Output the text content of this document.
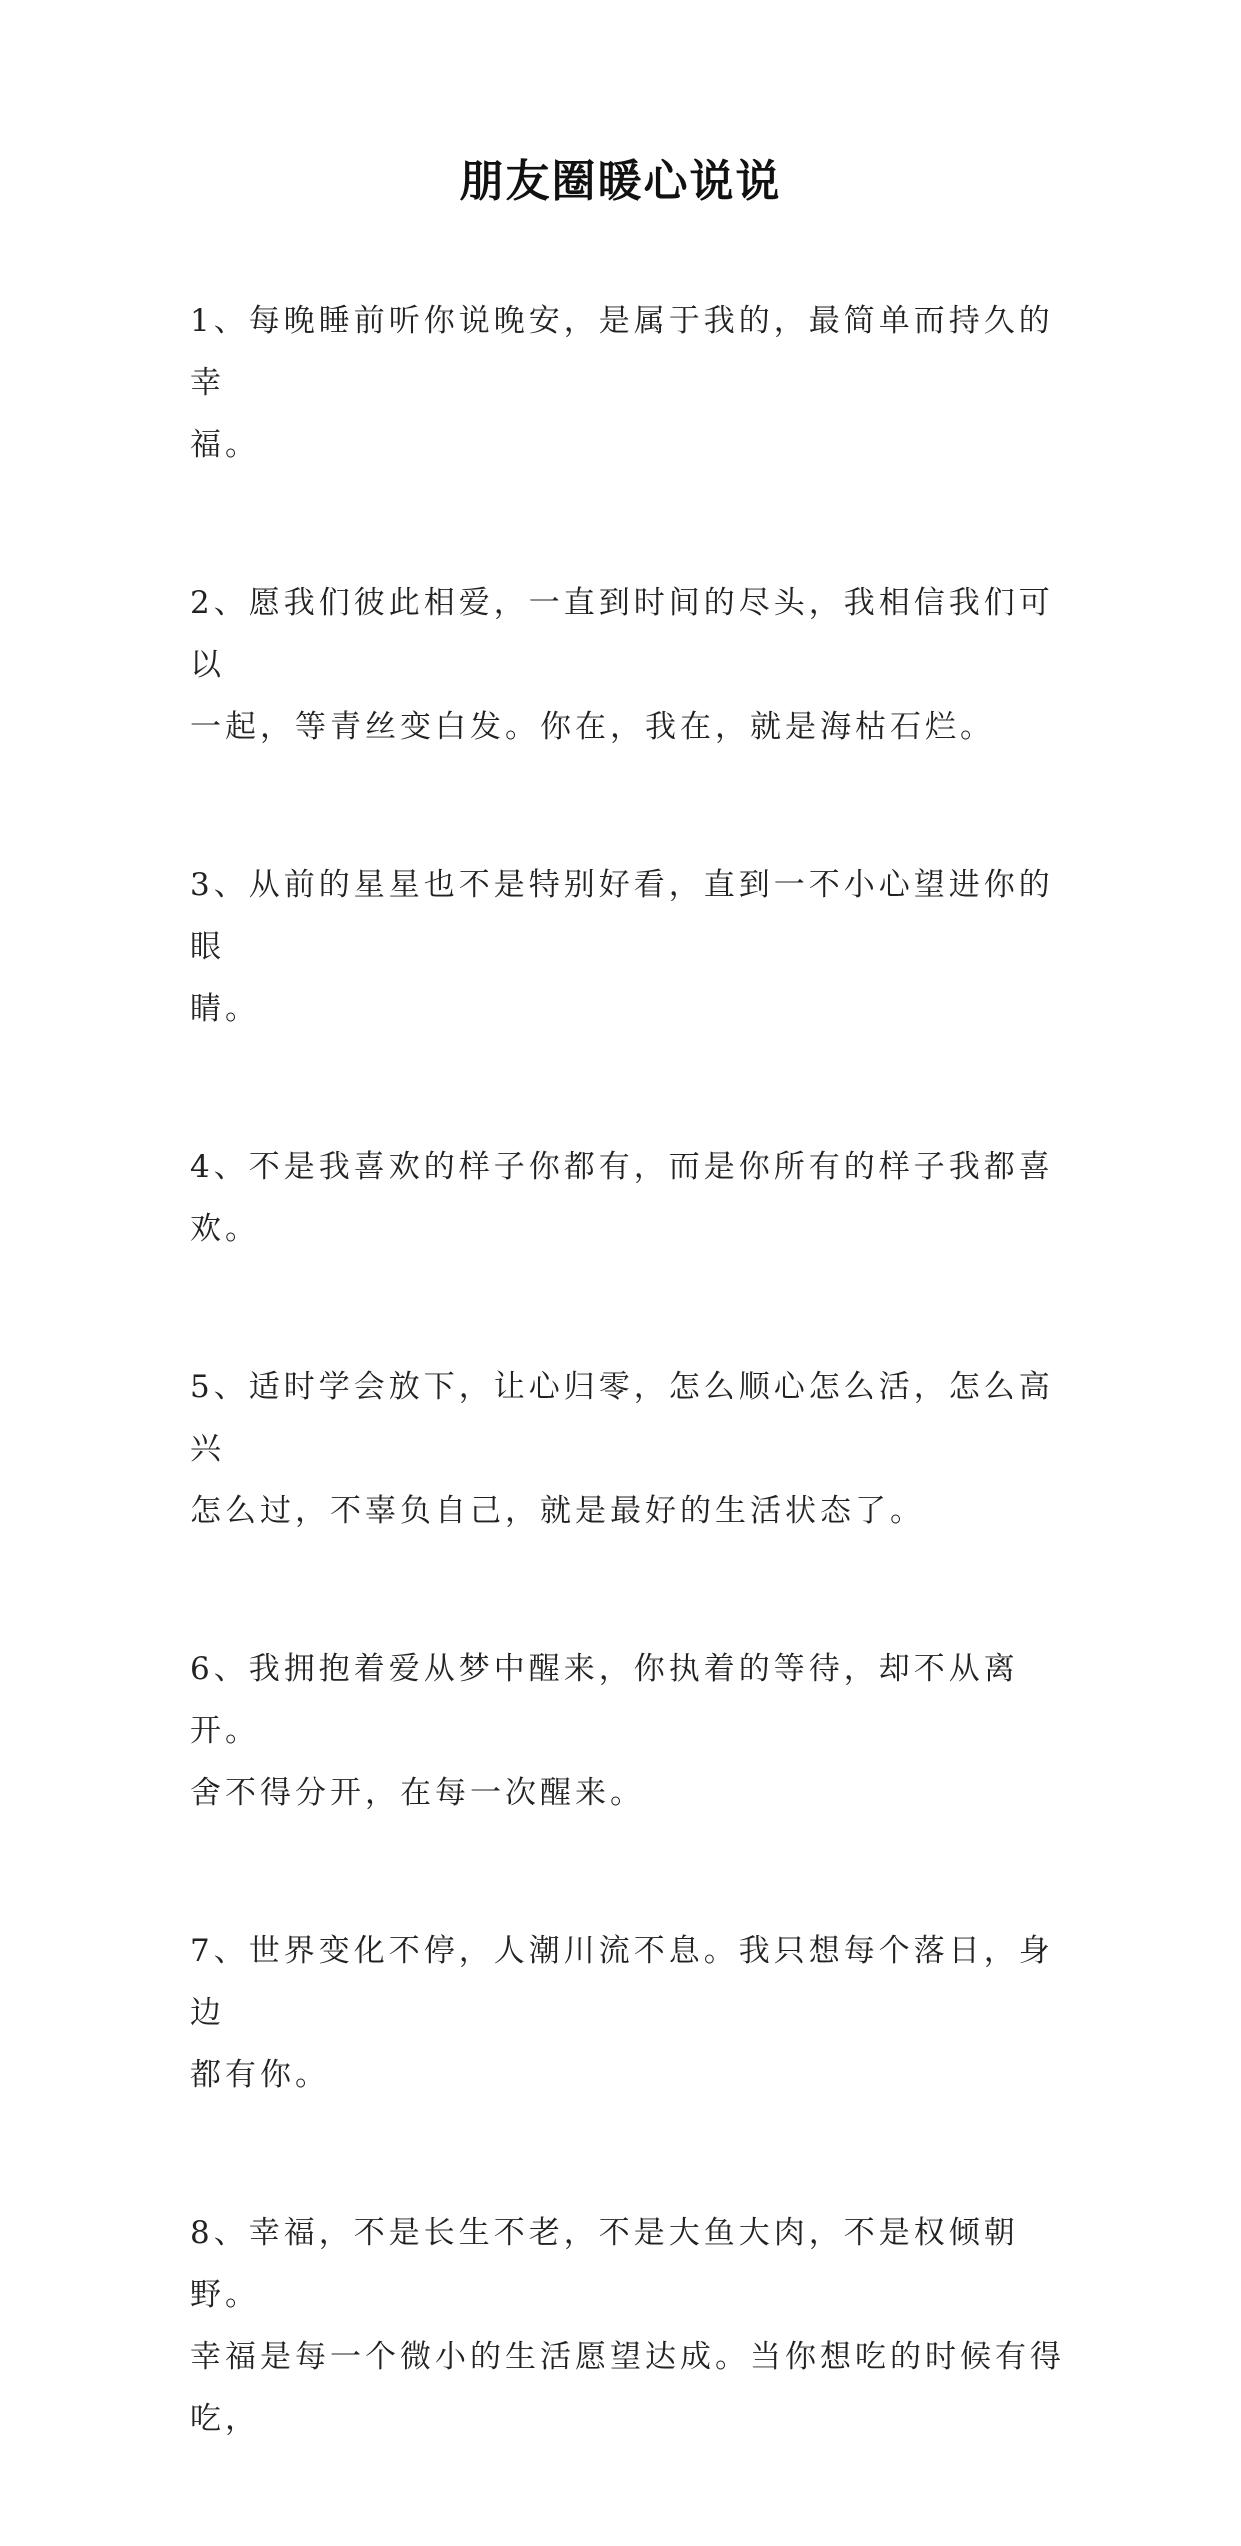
朋友圈暖心说说
1、每晚睡前听你说晚安，是属于我的，最简单而持久的幸
福。
2、愿我们彼此相爱，一直到时间的尽头，我相信我们可以
一起，等青丝变白发。你在，我在，就是海枯石烂。
3、从前的星星也不是特别好看，直到一不小心望进你的眼
睛。
4、不是我喜欢的样子你都有，而是你所有的样子我都喜欢。
5、适时学会放下，让心归零，怎么顺心怎么活，怎么高兴
怎么过，不辜负自己，就是最好的生活状态了。
6、我拥抱着爱从梦中醒来，你执着的等待，却不从离开。
舍不得分开，在每一次醒来。
7、世界变化不停，人潮川流不息。我只想每个落日，身边
都有你。
8、幸福，不是长生不老，不是大鱼大肉，不是权倾朝野。
幸福是每一个微小的生活愿望达成。当你想吃的时候有得吃，
